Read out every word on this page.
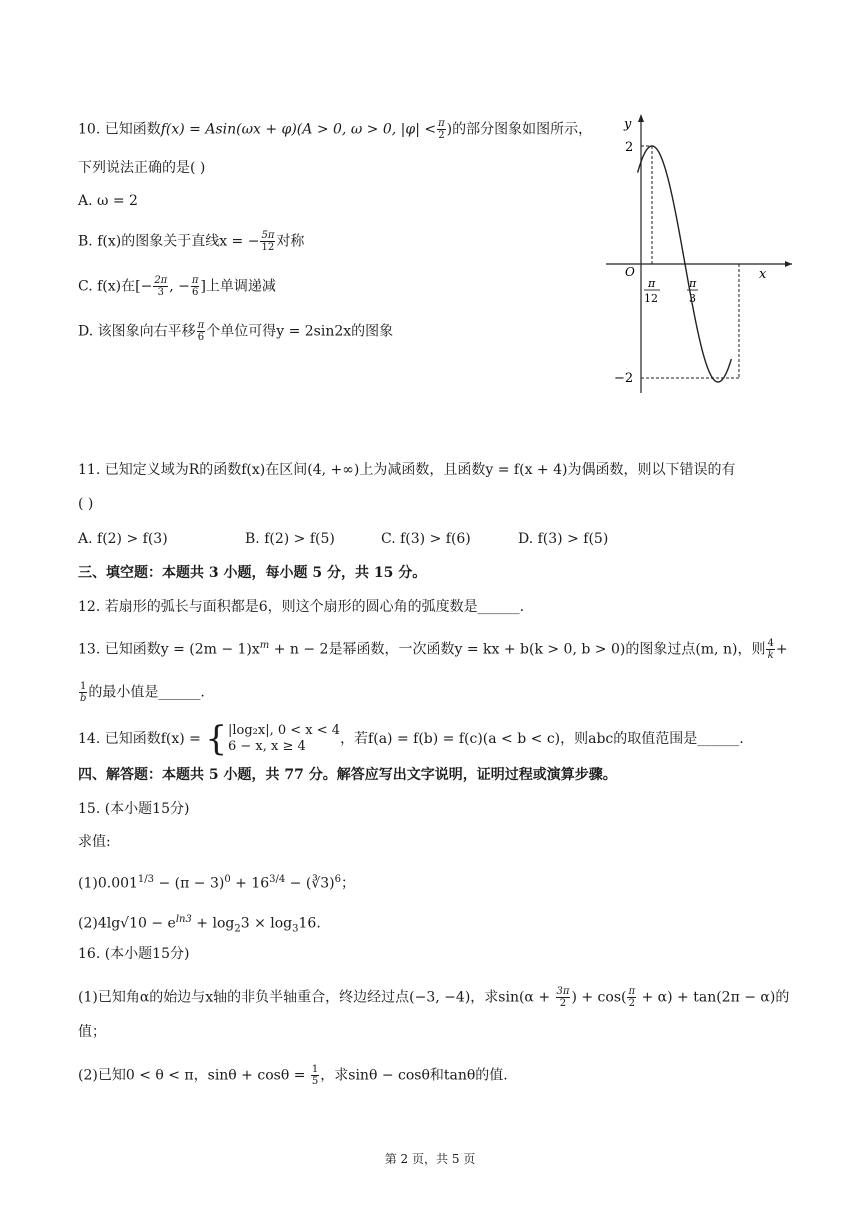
10. 已知函数f(x) = Asin(ωx + φ)(A > 0, ω > 0, $|\varphi| < \frac{\pi}{2}$ )的部分图象如图所示，
下列说法正确的是( )
A. ω = 2
B. f(x)的图象关于直线x = − $\frac{5\pi}{12}$ 对称
C. f(x)在[− $\frac{2\pi}{3}$ , − $\frac{\pi}{6}$ ]上单调递减
D. 该图象向右平移 $\frac{\pi}{6}$ 个单位可得y = 2sin2x的图象
y
x
O
2
−2
π
12
π
3
11. 已知定义域为R的函数f(x)在区间(4, +∞)上为减函数，且函数y = f(x + 4)为偶函数，则以下错误的有
( )
A. f(2) > f(3)	B. f(2) > f(5)	C. f(3) > f(6)	D. f(3) > f(5)
三、填空题：本题共 3 小题，每小题 5 分，共 15 分。
12. 若扇形的弧长与面积都是6，则这个扇形的圆心角的弧度数是______.
13. 已知函数$y = (2m - 1)x^m + n - 2$是幂函数，一次函数y = kx + b(k > 0, b > 0)的图象过点(m, n)，则 $\frac{4}{k}$ +
$\frac{1}{b}$ 的最小值是______.
14. 已知函数f(x) = { |log₂x|, 0 < x < 4
6 − x, x ≥ 4	，若f(a) = f(b) = f(c)(a < b < c)，则abc的取值范围是______.
四、解答题：本题共 5 小题，共 77 分。解答应写出文字说明，证明过程或演算步骤。
15. (本小题15分)
求值:
$(1)0.001^{1/3} - (\pi - 3)^0 + 16^{3/4}$ − (∛3)$^6$；
$(2)4\lg√10 - e^{ln3} + \log_23 \times \log_316$.
16. (本小题15分)
(1)已知角α的始边与x轴的非负半轴重合，终边经过点(−3, −4)，求$\sin(\alpha + \frac{3\pi}{2}$ ) + $\cos( \frac{\pi}{2} + \alpha) + \tan(2\pi - \alpha)$的
值；
(2)已知0 < θ < π，$\sin\theta + \cos\theta = \frac{1}{5}$ ，求sinθ − cosθ和tanθ的值.
第 2 页，共 5 页
